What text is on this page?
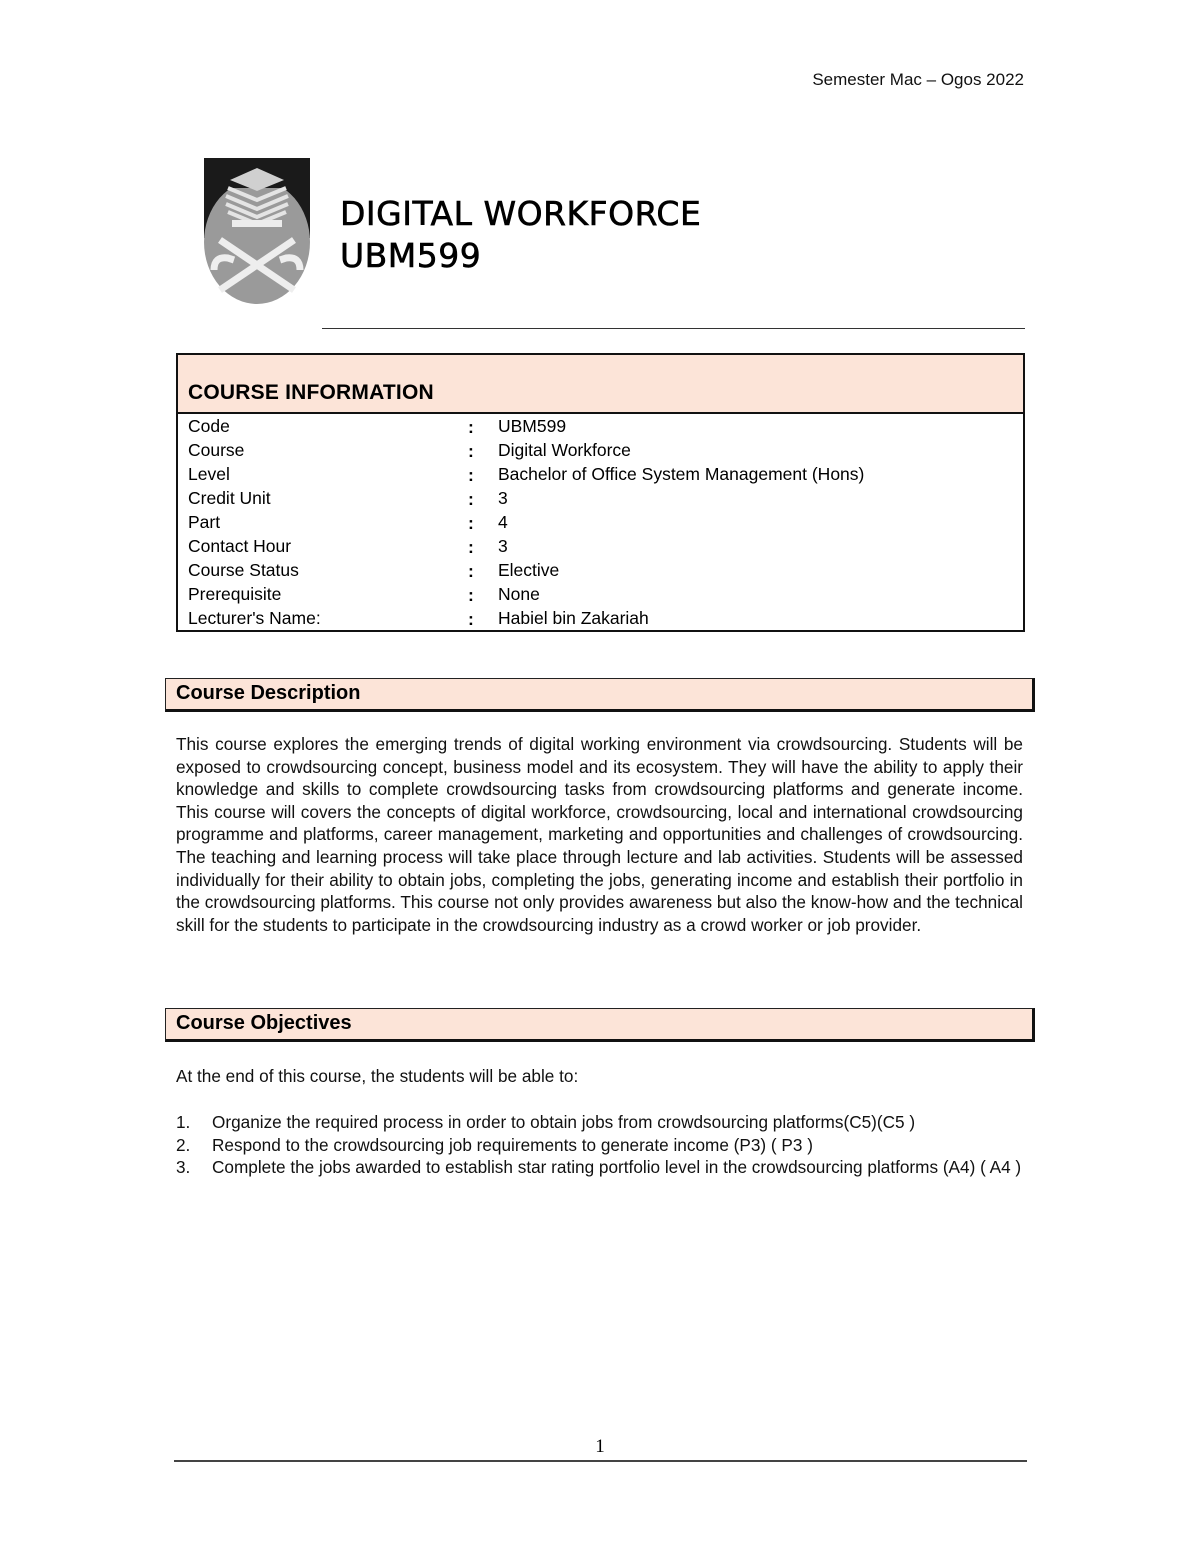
Semester Mac – Ogos 2022
DIGITAL WORKFORCE
UBM599
COURSE INFORMATION
Code	: UBM599
Course	: Digital Workforce
Level	: Bachelor of Office System Management (Hons)
Credit Unit	: 3
Part	: 4
Contact Hour	: 3
Course Status	: Elective
Prerequisite	: None
Lecturer's Name:	: Habiel bin Zakariah
Course Description
This course explores the emerging trends of digital working environment via crowdsourcing. Students will be exposed to crowdsourcing concept, business model and its ecosystem. They will have the ability to apply their knowledge and skills to complete crowdsourcing tasks from crowdsourcing platforms and generate income. This course will covers the concepts of digital workforce, crowdsourcing, local and international crowdsourcing programme and platforms, career management, marketing and opportunities and challenges of crowdsourcing. The teaching and learning process will take place through lecture and lab activities. Students will be assessed individually for their ability to obtain jobs, completing the jobs, generating income and establish their portfolio in the crowdsourcing platforms. This course not only provides awareness but also the know-how and the technical skill for the students to participate in the crowdsourcing industry as a crowd worker or job provider.
Course Objectives
At the end of this course, the students will be able to:
1. Organize the required process in order to obtain jobs from crowdsourcing platforms(C5)(C5 )
2. Respond to the crowdsourcing job requirements to generate income (P3) ( P3 )
3. Complete the jobs awarded to establish star rating portfolio level in the crowdsourcing platforms (A4) ( A4 )
1
